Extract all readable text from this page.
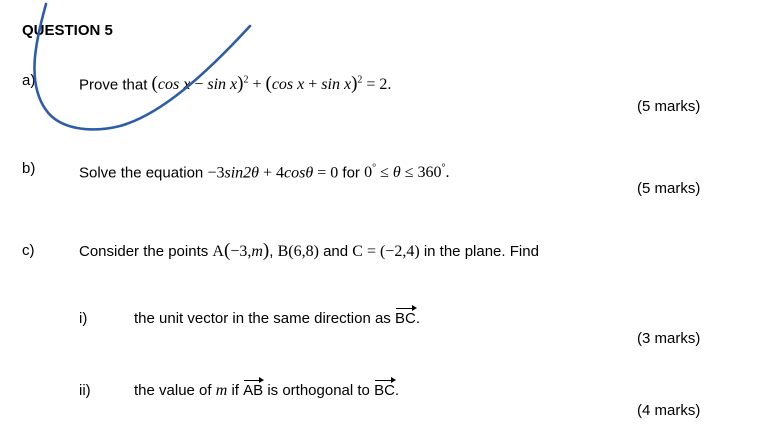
QUESTION 5
a)	Prove that (cos x − sin x)$^2$ + (cos x + sin x)$^2$ = 2.
(5 marks)
b)	Solve the equation −3sin2θ + 4cosθ = 0 for 0° ≤ θ ≤ 360°.
(5 marks)
c)	Consider the points A(−3,m), B(6,8) and C = (−2,4) in the plane. Find
i)	the unit vector in the same direction as BC.
(3 marks)
ii)	the value of m if AB is orthogonal to BC.
(4 marks)
